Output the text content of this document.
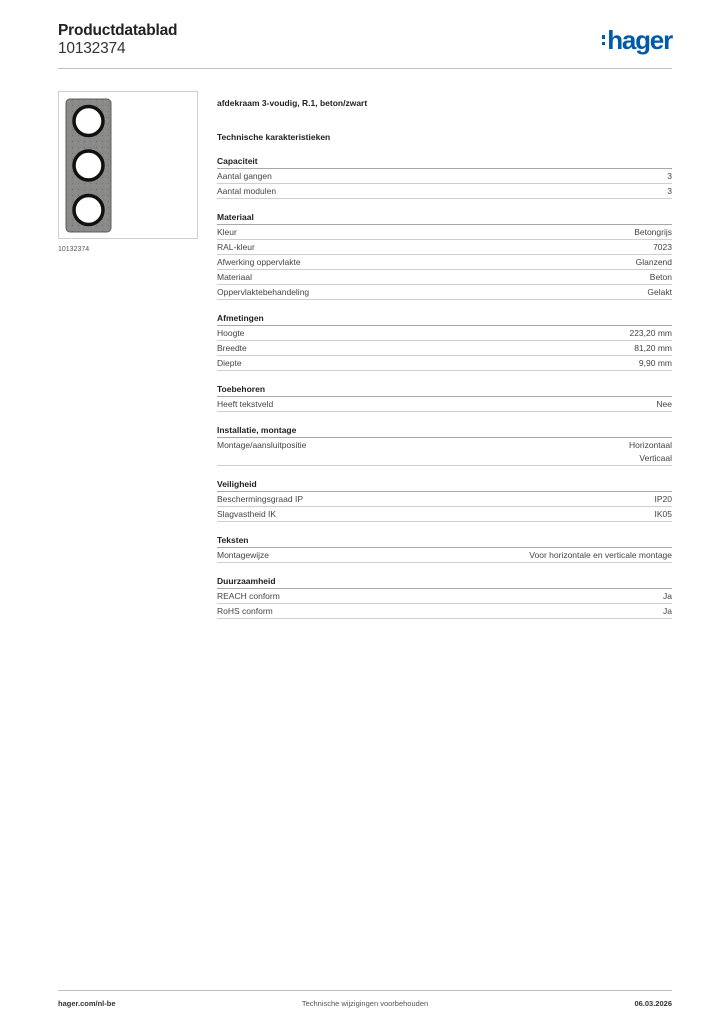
Productdatablad
10132374	hager
10132374
afdekraam 3-voudig, R.1, beton/zwart
Technische karakteristieken
Capaciteit
Aantal gangen	3
Aantal modulen	3
Materiaal
Kleur	Betongrijs
RAL-kleur	7023
Afwerking oppervlakte	Glanzend
Materiaal	Beton
Oppervlaktebehandeling	Gelakt
Afmetingen
Hoogte	223,20 mm
Breedte	81,20 mm
Diepte	9,90 mm
Toebehoren
Heeft tekstveld	Nee
Installatie, montage
Montage/aansluitpositie	Horizontaal
Verticaal
Veiligheid
Beschermingsgraad IP	IP20
Slagvastheid IK	IK05
Teksten
Montagewijze	Voor horizontale en verticale montage
Duurzaamheid
REACH conform	Ja
RoHS conform	Ja
hager.com/nl-be	Technische wijzigingen voorbehouden	06.03.2026
